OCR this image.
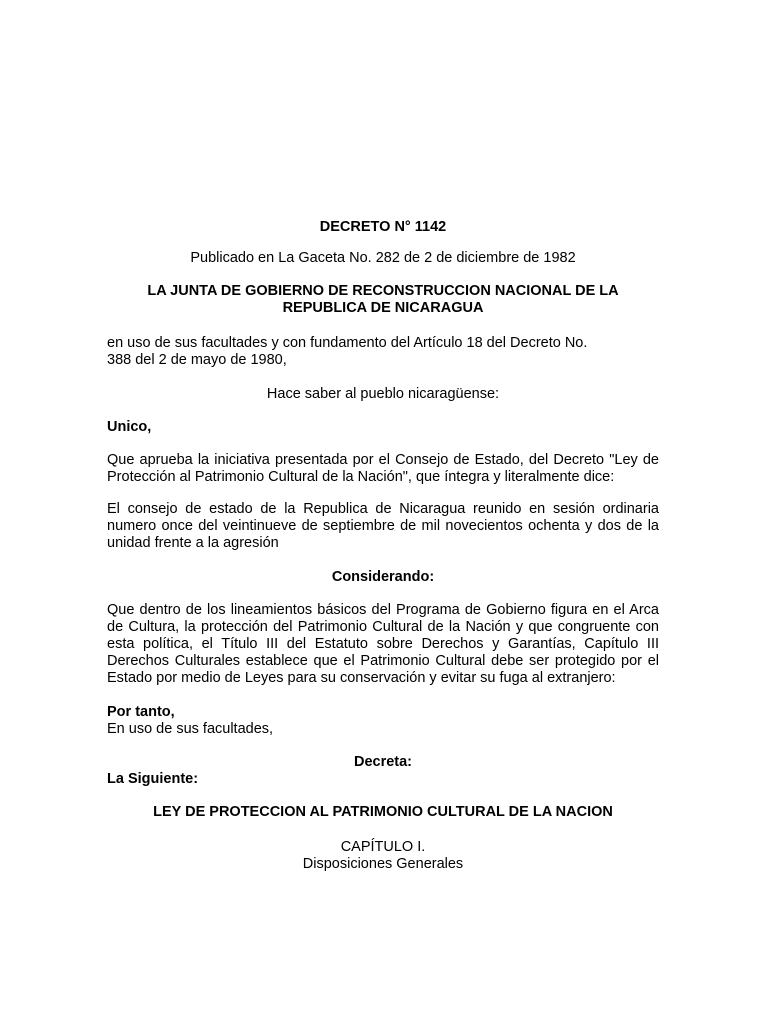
DECRETO N° 1142

Publicado en La Gaceta No. 282 de 2 de diciembre de 1982

LA JUNTA DE GOBIERNO DE RECONSTRUCCION NACIONAL DE LA REPUBLICA DE NICARAGUA

en uso de sus facultades y con fundamento del Artículo 18 del Decreto No. 388 del 2 de mayo de 1980,

Hace saber al pueblo nicaragüense:

Unico,

Que aprueba la iniciativa presentada por el Consejo de Estado, del Decreto "Ley de Protección al Patrimonio Cultural de la Nación", que íntegra y literalmente dice:

El consejo de estado de la Republica de Nicaragua reunido en sesión ordinaria numero once del veintinueve de septiembre de mil novecientos ochenta y dos de la unidad frente a la agresión

Considerando:

Que dentro de los lineamientos básicos del Programa de Gobierno figura en el Arca de Cultura, la protección del Patrimonio Cultural de la Nación y que congruente con esta política, el Título III del Estatuto sobre Derechos y Garantías, Capítulo III Derechos Culturales establece que el Patrimonio Cultural debe ser protegido por el Estado por medio de Leyes para su conservación y evitar su fuga al extranjero:

Por tanto,

En uso de sus facultades,

Decreta:

La Siguiente:

LEY DE PROTECCION AL PATRIMONIO CULTURAL DE LA NACION

CAPÍTULO I.

Disposiciones Generales
